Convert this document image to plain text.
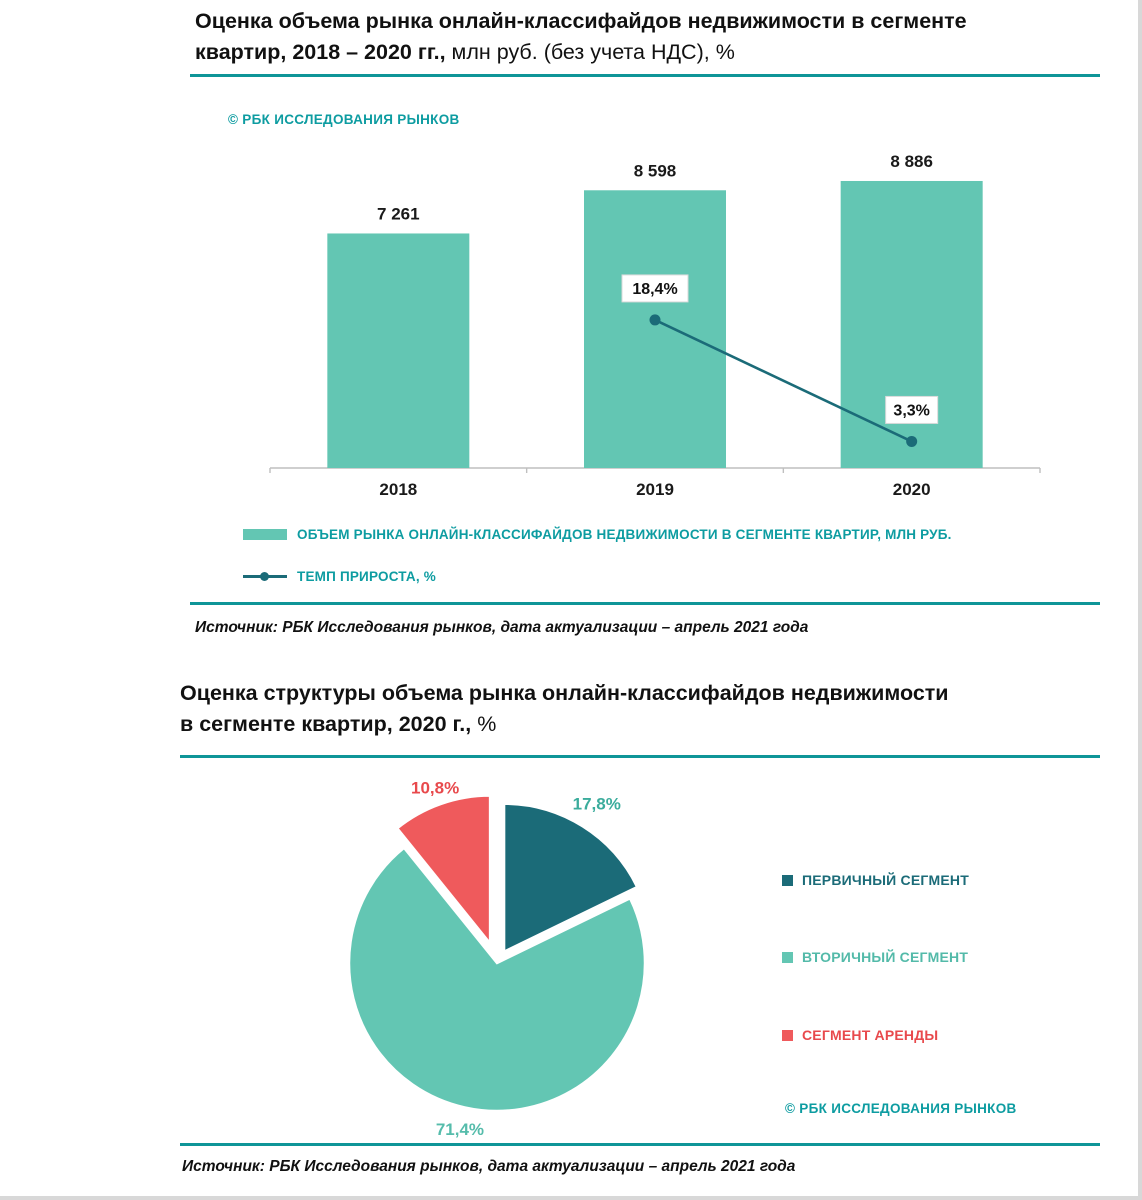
Оценка объема рынка онлайн-классифайдов недвижимости в сегменте
квартир, 2018 – 2020 гг., млн руб. (без учета НДС), %
© РБК ИССЛЕДОВАНИЯ РЫНКОВ
7 261
2018
8 598
2019
8 886
2020
18,4%
3,3%
ОБЪЕМ РЫНКА ОНЛАЙН-КЛАССИФАЙДОВ НЕДВИЖИМОСТИ В СЕГМЕНТЕ КВАРТИР, МЛН РУБ.
ТЕМП ПРИРОСТА, %
Источник: РБК Исследования рынков, дата актуализации – апрель 2021 года
Оценка структуры объема рынка онлайн-классифайдов недвижимости
в сегменте квартир, 2020 г., %
17,8%
71,4%
10,8%
ПЕРВИЧНЫЙ СЕГМЕНТ
ВТОРИЧНЫЙ СЕГМЕНТ
СЕГМЕНТ АРЕНДЫ
© РБК ИССЛЕДОВАНИЯ РЫНКОВ
Источник: РБК Исследования рынков, дата актуализации – апрель 2021 года
